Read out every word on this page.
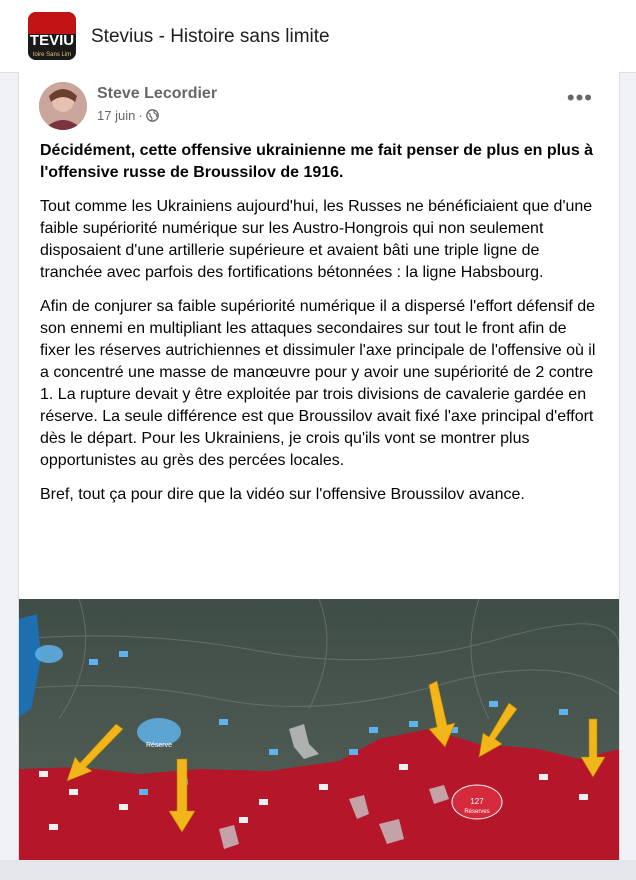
TEVIU
toire Sans Lim
Stevius - Histoire sans limite
Steve Lecordier
17 juin ·
•••

Décidément, cette offensive ukrainienne me fait penser de plus en plus à l'offensive russe de Broussilov de 1916.

Tout comme les Ukrainiens aujourd'hui, les Russes ne bénéficiaient que d'une faible supériorité numérique sur les Austro-Hongrois qui non seulement disposaient d'une artillerie supérieure et avaient bâti une triple ligne de tranchée avec parfois des fortifications bétonnées : la ligne Habsbourg.

Afin de conjurer sa faible supériorité numérique il a dispersé l'effort défensif de son ennemi en multipliant les attaques secondaires sur tout le front afin de fixer les réserves autrichiennes et dissimuler l'axe principale de l'offensive où il a concentré une masse de manœuvre pour y avoir une supériorité de 2 contre 1. La rupture devait y être exploitée par trois divisions de cavalerie gardée en réserve. La seule différence est que Broussilov avait fixé l'axe principal d'effort dès le départ. Pour les Ukrainiens, je crois qu'ils vont se montrer plus opportunistes au grès des percées locales.

Bref, tout ça pour dire que la vidéo sur l'offensive Broussilov avance.

Réserve
127
Réserves
